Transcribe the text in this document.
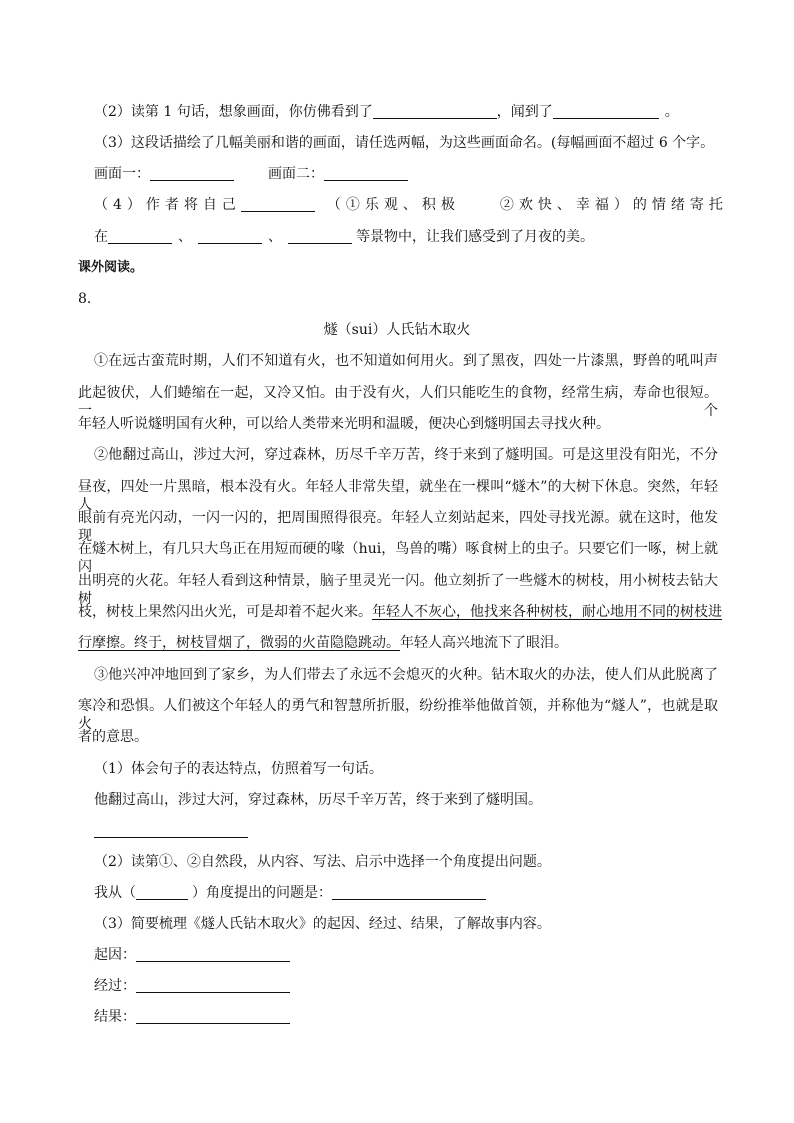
（2）读第 1 句话，想象画面，你仿佛看到了	，闻到了	。
（3）这段话描绘了几幅美丽和谐的画面，请任选两幅，为这些画面命名。(每幅画面不超过 6 个字。
画面一：	画面二：
（4）作者将自己	（①乐观、积极	②欢快、幸福）的情绪寄托
在	、	、	等景物中，让我们感受到了月夜的美。
课外阅读。
8．
燧（sui）人氏钻木取火
①在远古蛮荒时期，人们不知道有火，也不知道如何用火。到了黑夜，四处一片漆黑，野兽的吼叫声
此起彼伏，人们蜷缩在一起，又冷又怕。由于没有火，人们只能吃生的食物，经常生病，寿命也很短。一个
年轻人听说燧明国有火种，可以给人类带来光明和温暖，便决心到燧明国去寻找火种。
②他翻过高山，涉过大河，穿过森林，历尽千辛万苦，终于来到了燧明国。可是这里没有阳光，不分
昼夜，四处一片黑暗，根本没有火。年轻人非常失望，就坐在一棵叫“燧木”的大树下休息。突然，年轻人
眼前有亮光闪动，一闪一闪的，把周围照得很亮。年轻人立刻站起来，四处寻找光源。就在这时，他发现
在燧木树上，有几只大鸟正在用短而硬的喙（hui，鸟兽的嘴）啄食树上的虫子。只要它们一啄，树上就闪
出明亮的火花。年轻人看到这种情景，脑子里灵光一闪。他立刻折了一些燧木的树枝，用小树枝去钻大树
枝，树枝上果然闪出火光，可是却着不起火来。年轻人不灰心，他找来各种树枝，耐心地用不同的树枝进
行摩擦。终于，树枝冒烟了，微弱的火苗隐隐跳动。年轻人高兴地流下了眼泪。
③他兴冲冲地回到了家乡，为人们带去了永远不会熄灭的火种。钻木取火的办法，使人们从此脱离了
寒冷和恐惧。人们被这个年轻人的勇气和智慧所折服，纷纷推举他做首领，并称他为“燧人”，也就是取火
者的意思。
（1）体会句子的表达特点，仿照着写一句话。
他翻过高山，涉过大河，穿过森林，历尽千辛万苦，终于来到了燧明国。
（2）读第①、②自然段，从内容、写法、启示中选择一个角度提出问题。
我从（	）角度提出的问题是：
（3）简要梳理《燧人氏钻木取火》的起因、经过、结果，了解故事内容。
起因：
经过：
结果：
